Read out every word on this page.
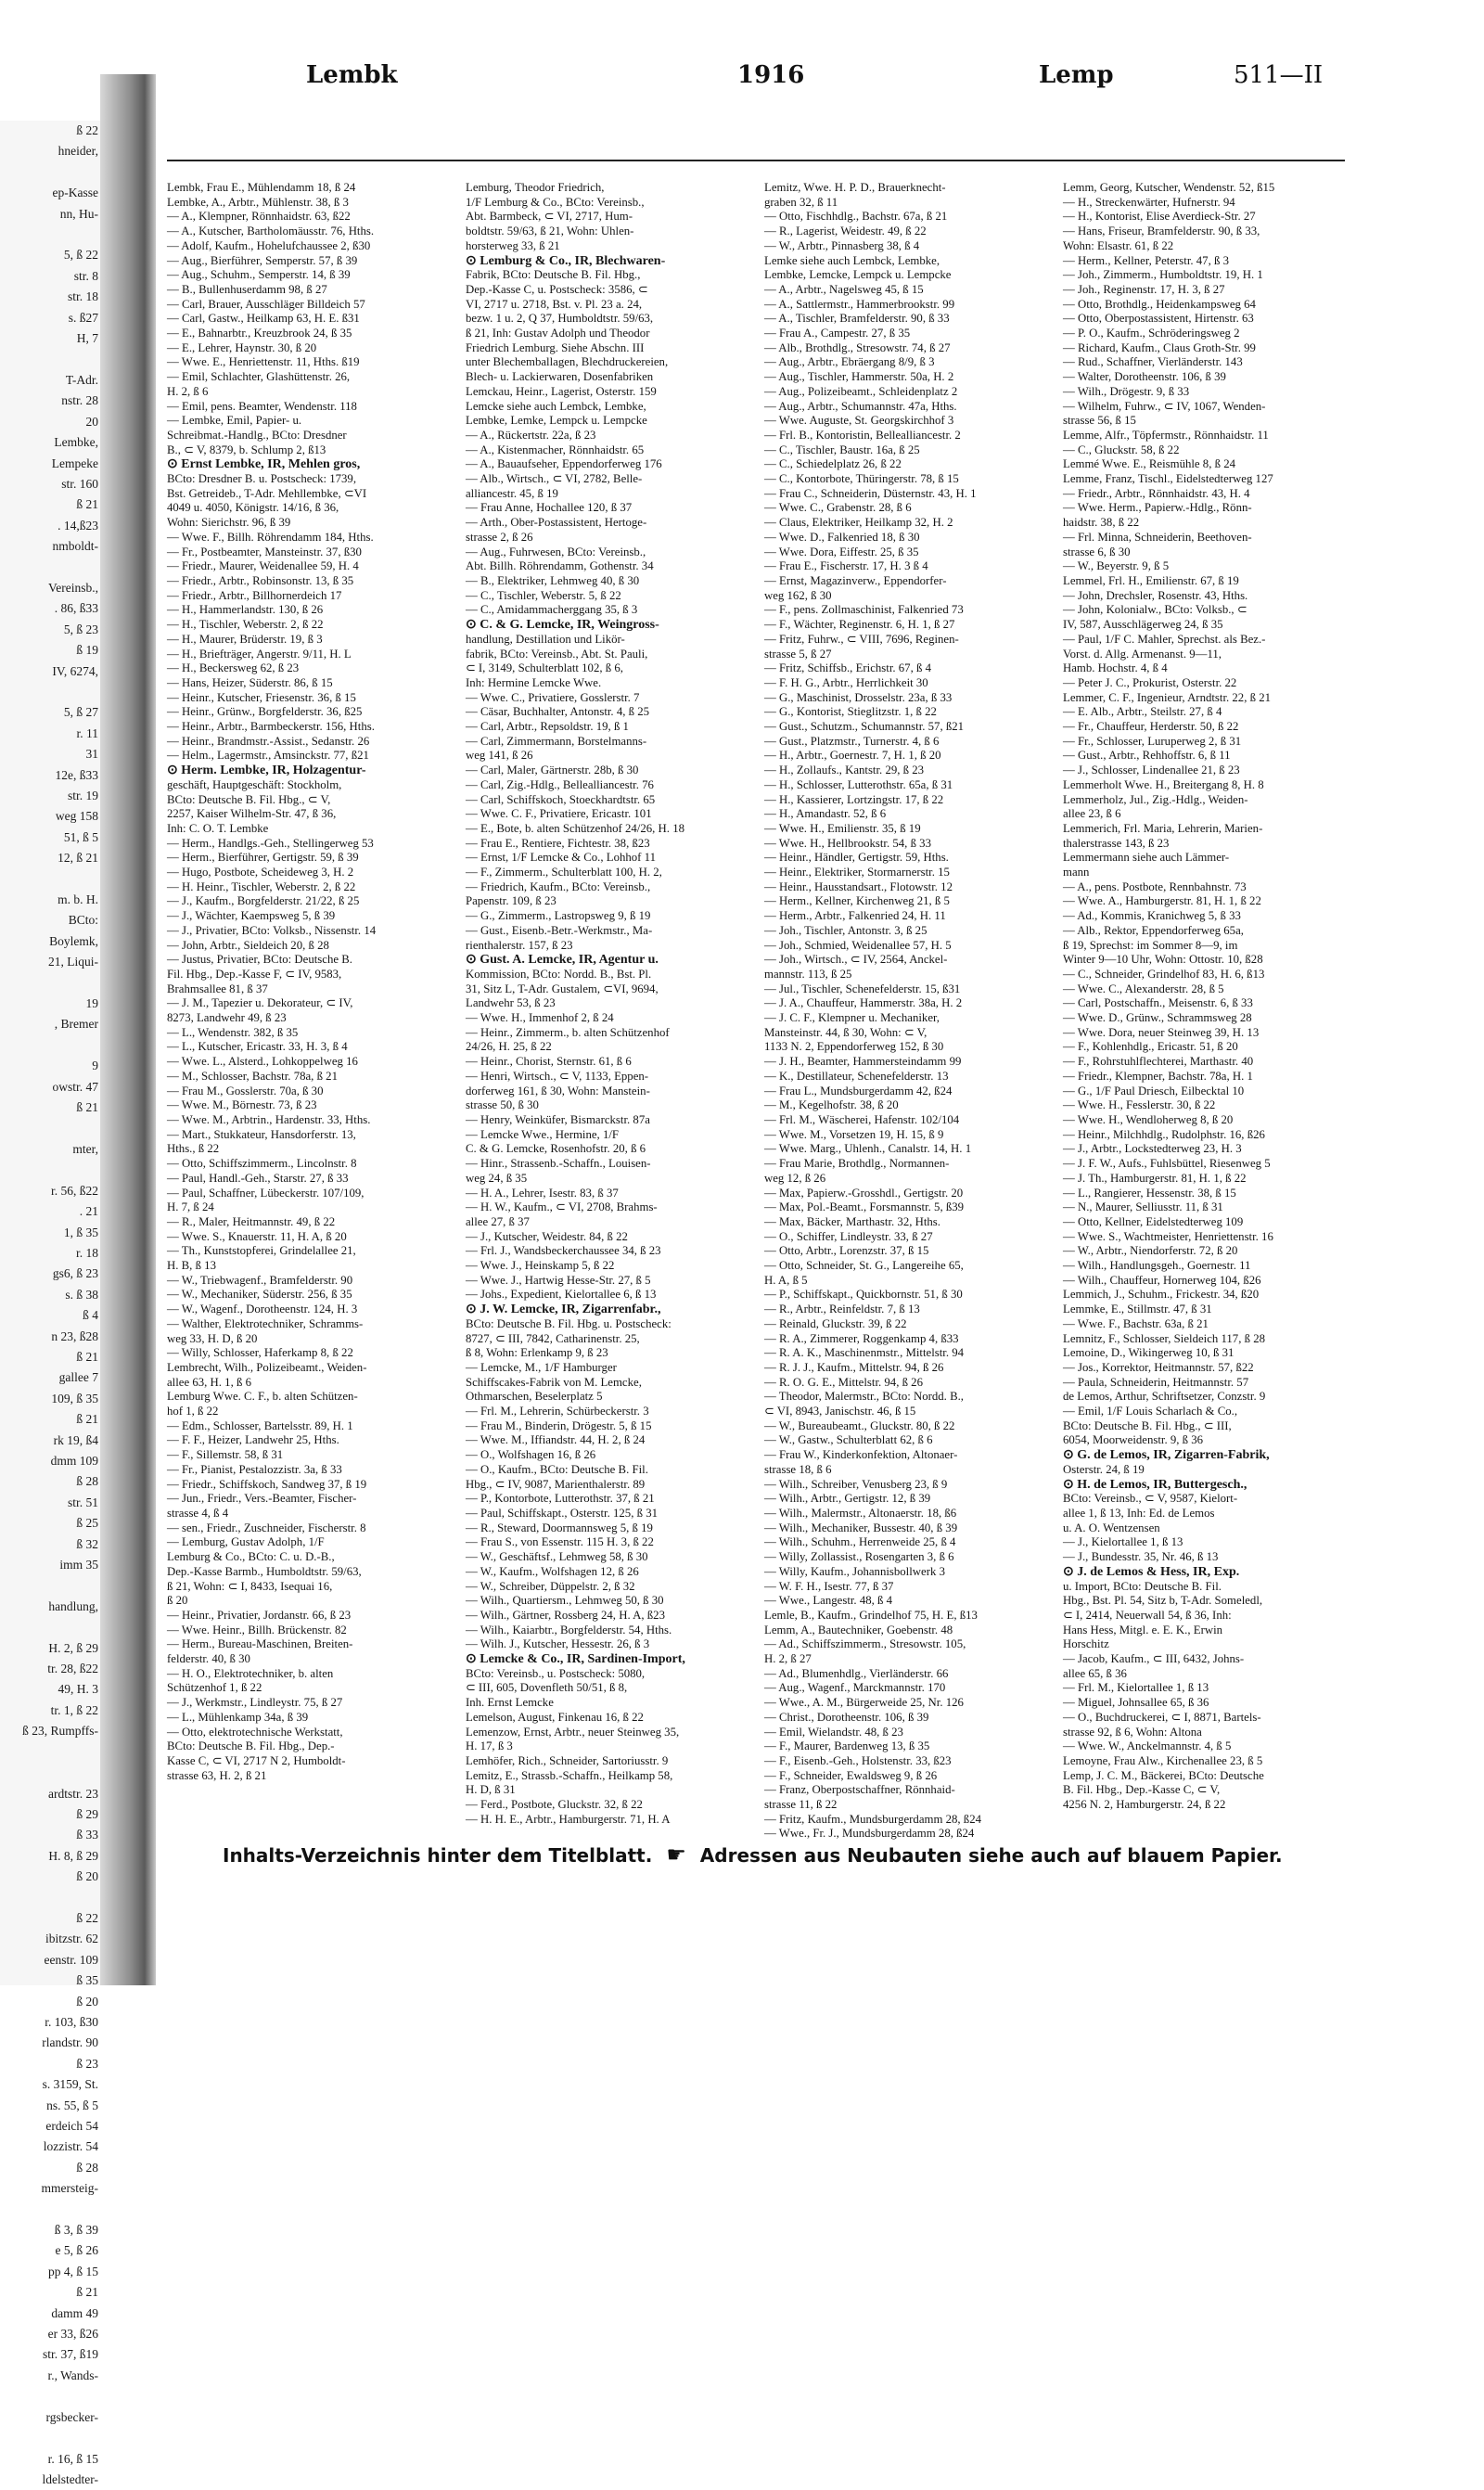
ß 22
hneider,

ep-Kasse
nn, Hu-

5, ß 22
str. 8
str. 18
s. ß27
H, 7

T-Adr.
nstr. 28
20
Lembke,
Lempeke
str. 160
ß 21
. 14,ß23
nmboldt-

Vereinsb.,
. 86, ß33
5, ß 23
ß 19
IV, 6274,

5, ß 27
r. 11
31
12e, ß33
str. 19
weg 158
51, ß 5
12, ß 21

m. b. H.
BCto:
Boylemk,
21, Liqui-

19
, Bremer

9
owstr. 47
ß 21

mter,

r. 56, ß22
. 21
1, ß 35
r. 18
gs6, ß 23
s. ß 38
ß 4
n 23, ß28
ß 21
gallee 7
109, ß 35
ß 21
rk 19, ß4
dmm 109
ß 28
str. 51
ß 25
ß 32
imm 35

handlung,

H. 2, ß 29
tr. 28, ß22
49, H. 3
tr. 1, ß 22
ß 23, Rumpffs-

ardtstr. 23
ß 29
ß 33
H. 8, ß 29
ß 20

ß 22
ibitzstr. 62
eenstr. 109
ß 35
ß 20
r. 103, ß30
rlandstr. 90
ß 23
s. 3159, St.
ns. 55, ß 5
erdeich 54
lozzistr. 54
ß 28
mmersteig-

ß 3, ß 39
e 5, ß 26
pp 4, ß 15
ß 21
damm 49
er 33, ß26
str. 37, ß19
r., Wands-

rgsbecker-

r. 16, ß 15
ldelstedter-
Lembk	1916	Lemp	511—II
Lembk, Frau E., Mühlendamm 18, ß 24
Lembke, A., Arbtr., Mühlenstr. 38, ß 3
— A., Klempner, Rönnhaidstr. 63, ß22
— A., Kutscher, Bartholomäusstr. 76, Hths.
— Adolf, Kaufm., Hohelufchaussee 2, ß30
— Aug., Bierführer, Semperstr. 57, ß 39
— Aug., Schuhm., Semperstr. 14, ß 39
— B., Bullenhuserdamm 98, ß 27
— Carl, Brauer, Ausschläger Billdeich 57
— Carl, Gastw., Heilkamp 63, H. E. ß31
— E., Bahnarbtr., Kreuzbrook 24, ß 35
— E., Lehrer, Haynstr. 30, ß 20
— Wwe. E., Henriettenstr. 11, Hths. ß19
— Emil, Schlachter, Glashüttenstr. 26,
H. 2, ß 6
— Emil, pens. Beamter, Wendenstr. 118
— Lembke, Emil, Papier- u.
Schreibmat.-Handlg., BCto: Dresdner
B., ⊂ V, 8379, b. Schlump 2, ß13
⊙ Ernst Lembke, IR, Mehlen gros,
BCto: Dresdner B. u. Postscheck: 1739,
Bst. Getreideb., T-Adr. Mehllembke, ⊂VI
4049 u. 4050, Königstr. 14/16, ß 36,
Wohn: Sierichstr. 96, ß 39
— Wwe. F., Billh. Röhrendamm 184, Hths.
— Fr., Postbeamter, Mansteinstr. 37, ß30
— Friedr., Maurer, Weidenallee 59, H. 4
— Friedr., Arbtr., Robinsonstr. 13, ß 35
— Friedr., Arbtr., Billhornerdeich 17
— H., Hammerlandstr. 130, ß 26
— H., Tischler, Weberstr. 2, ß 22
— H., Maurer, Brüderstr. 19, ß 3
— H., Briefträger, Angerstr. 9/11, H. L
— H., Beckersweg 62, ß 23
— Hans, Heizer, Süderstr. 86, ß 15
— Heinr., Kutscher, Friesenstr. 36, ß 15
— Heinr., Grünw., Borgfelderstr. 36, ß25
— Heinr., Arbtr., Barmbeckerstr. 156, Hths.
— Heinr., Brandmstr.-Assist., Sedanstr. 26
— Helm., Lagermstr., Amsinckstr. 77, ß21
⊙ Herm. Lembke, IR, Holzagentur-
geschäft, Hauptgeschäft: Stockholm,
BCto: Deutsche B. Fil. Hbg., ⊂ V,
2257, Kaiser Wilhelm-Str. 47, ß 36,
Inh: C. O. T. Lembke
— Herm., Handlgs.-Geh., Stellingerweg 53
— Herm., Bierführer, Gertigstr. 59, ß 39
— Hugo, Postbote, Scheideweg 3, H. 2
— H. Heinr., Tischler, Weberstr. 2, ß 22
— J., Kaufm., Borgfelderstr. 21/22, ß 25
— J., Wächter, Kaempsweg 5, ß 39
— J., Privatier, BCto: Volksb., Nissenstr. 14
— John, Arbtr., Sieldeich 20, ß 28
— Justus, Privatier, BCto: Deutsche B.
Fil. Hbg., Dep.-Kasse F, ⊂ IV, 9583,
Brahmsallee 81, ß 37
— J. M., Tapezier u. Dekorateur, ⊂ IV,
8273, Landwehr 49, ß 23
— L., Wendenstr. 382, ß 35
— L., Kutscher, Ericastr. 33, H. 3, ß 4
— Wwe. L., Alsterd., Lohkoppelweg 16
— M., Schlosser, Bachstr. 78a, ß 21
— Frau M., Gosslerstr. 70a, ß 30
— Wwe. M., Börnestr. 73, ß 23
— Wwe. M., Arbtrin., Hardenstr. 33, Hths.
— Mart., Stukkateur, Hansdorferstr. 13,
Hths., ß 22
— Otto, Schiffszimmerm., Lincolnstr. 8
— Paul, Handl.-Geh., Starstr. 27, ß 33
— Paul, Schaffner, Lübeckerstr. 107/109,
H. 7, ß 24
— R., Maler, Heitmannstr. 49, ß 22
— Wwe. S., Knauerstr. 11, H. A, ß 20
— Th., Kunststopferei, Grindelallee 21,
H. B, ß 13
— W., Triebwagenf., Bramfelderstr. 90
— W., Mechaniker, Süderstr. 256, ß 35
— W., Wagenf., Dorotheenstr. 124, H. 3
— Walther, Elektrotechniker, Schramms-
weg 33, H. D, ß 20
— Willy, Schlosser, Haferkamp 8, ß 22
Lembrecht, Wilh., Polizeibeamt., Weiden-
allee 63, H. 1, ß 6
Lemburg Wwe. C. F., b. alten Schützen-
hof 1, ß 22
— Edm., Schlosser, Bartelsstr. 89, H. 1
— F. F., Heizer, Landwehr 25, Hths.
— F., Sillemstr. 58, ß 31
— Fr., Pianist, Pestalozzistr. 3a, ß 33
— Friedr., Schiffskoch, Sandweg 37, ß 19
— Jun., Friedr., Vers.-Beamter, Fischer-
strasse 4, ß 4
— sen., Friedr., Zuschneider, Fischerstr. 8
— Lemburg, Gustav Adolph, 1/F
Lemburg & Co., BCto: C. u. D.-B.,
Dep.-Kasse Barmb., Humboldtstr. 59/63,
ß 21, Wohn: ⊂ I, 8433, Isequai 16,
ß 20
— Heinr., Privatier, Jordanstr. 66, ß 23
— Wwe. Heinr., Billh. Brückenstr. 82
— Herm., Bureau-Maschinen, Breiten-
felderstr. 40, ß 30
— H. O., Elektrotechniker, b. alten
Schützenhof 1, ß 22
— J., Werkmstr., Lindleystr. 75, ß 27
— L., Mühlenkamp 34a, ß 39
— Otto, elektrotechnische Werkstatt,
BCto: Deutsche B. Fil. Hbg., Dep.-
Kasse C, ⊂ VI, 2717 N 2, Humboldt-
strasse 63, H. 2, ß 21
Lemburg, Theodor Friedrich,
1/F Lemburg & Co., BCto: Vereinsb.,
Abt. Barmbeck, ⊂ VI, 2717, Hum-
boldtstr. 59/63, ß 21, Wohn: Uhlen-
horsterweg 33, ß 21
⊙ Lemburg & Co., IR, Blechwaren-
Fabrik, BCto: Deutsche B. Fil. Hbg.,
Dep.-Kasse C, u. Postscheck: 3586, ⊂
VI, 2717 u. 2718, Bst. v. Pl. 23 a. 24,
bezw. 1 u. 2, Q 37, Humboldtstr. 59/63,
ß 21, Inh: Gustav Adolph und Theodor
Friedrich Lemburg. Siehe Abschn. III
unter Blechemballagen, Blechdruckereien,
Blech- u. Lackierwaren, Dosenfabriken
Lemckau, Heinr., Lagerist, Osterstr. 159
Lemcke siehe auch Lembck, Lembke,
Lembke, Lemke, Lempck u. Lempcke
— A., Rückertstr. 22a, ß 23
— A., Kistenmacher, Rönnhaidstr. 65
— A., Bauaufseher, Eppendorferweg 176
— Alb., Wirtsch., ⊂ VI, 2782, Belle-
alliancestr. 45, ß 19
— Frau Anne, Hochallee 120, ß 37
— Arth., Ober-Postassistent, Hertoge-
strasse 2, ß 26
— Aug., Fuhrwesen, BCto: Vereinsb.,
Abt. Billh. Röhrendamm, Gothenstr. 34
— B., Elektriker, Lehmweg 40, ß 30
— C., Tischler, Weberstr. 5, ß 22
— C., Amidammacherggang 35, ß 3
⊙ C. & G. Lemcke, IR, Weingross-
handlung, Destillation und Likör-
fabrik, BCto: Vereinsb., Abt. St. Pauli,
⊂ I, 3149, Schulterblatt 102, ß 6,
Inh: Hermine Lemcke Wwe.
— Wwe. C., Privatiere, Gosslerstr. 7
— Cäsar, Buchhalter, Antonstr. 4, ß 25
— Carl, Arbtr., Repsoldstr. 19, ß 1
— Carl, Zimmermann, Borstelmanns-
weg 141, ß 26
— Carl, Maler, Gärtnerstr. 28b, ß 30
— Carl, Zig.-Hdlg., Bellealliancestr. 76
— Carl, Schiffskoch, Stoeckhardtstr. 65
— Wwe. C. F., Privatiere, Ericastr. 101
— E., Bote, b. alten Schützenhof 24/26, H. 18
— Frau E., Rentiere, Fichtestr. 38, ß23
— Ernst, 1/F Lemcke & Co., Lohhof 11
— F., Zimmerm., Schulterblatt 100, H. 2,
— Friedrich, Kaufm., BCto: Vereinsb.,
Papenstr. 109, ß 23
— G., Zimmerm., Lastropsweg 9, ß 19
— Gust., Eisenb.-Betr.-Werkmstr., Ma-
rienthalerstr. 157, ß 23
⊙ Gust. A. Lemcke, IR, Agentur u.
Kommission, BCto: Nordd. B., Bst. Pl.
31, Sitz L, T-Adr. Gustalem, ⊂VI, 9694,
Landwehr 53, ß 23
— Wwe. H., Immenhof 2, ß 24
— Heinr., Zimmerm., b. alten Schützenhof
24/26, H. 25, ß 22
— Heinr., Chorist, Sternstr. 61, ß 6
— Henri, Wirtsch., ⊂ V, 1133, Eppen-
dorferweg 161, ß 30, Wohn: Manstein-
strasse 50, ß 30
— Henry, Weinküfer, Bismarckstr. 87a
— Lemcke Wwe., Hermine, 1/F
C. & G. Lemcke, Rosenhofstr. 20, ß 6
— Hinr., Strassenb.-Schaffn., Louisen-
weg 24, ß 35
— H. A., Lehrer, Isestr. 83, ß 37
— H. W., Kaufm., ⊂ VI, 2708, Brahms-
allee 27, ß 37
— J., Kutscher, Weidestr. 84, ß 22
— Frl. J., Wandsbeckerchaussee 34, ß 23
— Wwe. J., Heinskamp 5, ß 22
— Wwe. J., Hartwig Hesse-Str. 27, ß 5
— Johs., Expedient, Kielortallee 6, ß 13
⊙ J. W. Lemcke, IR, Zigarrenfabr.,
BCto: Deutsche B. Fil. Hbg. u. Postscheck:
8727, ⊂ III, 7842, Catharinenstr. 25,
ß 8, Wohn: Erlenkamp 9, ß 23
— Lemcke, M., 1/F Hamburger
Schiffscakes-Fabrik von M. Lemcke,
Othmarschen, Beselerplatz 5
— Frl. M., Lehrerin, Schürbeckerstr. 3
— Frau M., Binderin, Drögestr. 5, ß 15
— Wwe. M., Iffiandstr. 44, H. 2, ß 24
— O., Wolfshagen 16, ß 26
— O., Kaufm., BCto: Deutsche B. Fil.
Hbg., ⊂ IV, 9087, Marienthalerstr. 89
— P., Kontorbote, Lutterothstr. 37, ß 21
— Paul, Schiffskapt., Osterstr. 125, ß 31
— R., Steward, Doormannsweg 5, ß 19
— Frau S., von Essenstr. 115 H. 3, ß 22
— W., Geschäftsf., Lehmweg 58, ß 30
— W., Kaufm., Wolfshagen 12, ß 26
— W., Schreiber, Düppelstr. 2, ß 32
— Wilh., Quartiersm., Lehmweg 50, ß 30
— Wilh., Gärtner, Rossberg 24, H. A, ß23
— Wilh., Kaiarbtr., Borgfelderstr. 54, Hths.
— Wilh. J., Kutscher, Hessestr. 26, ß 3
⊙ Lemcke & Co., IR, Sardinen-Import,
BCto: Vereinsb., u. Postscheck: 5080,
⊂ III, 605, Dovenfleth 50/51, ß 8,
Inh. Ernst Lemcke
Lemelson, August, Finkenau 16, ß 22
Lemenzow, Ernst, Arbtr., neuer Steinweg 35,
H. 17, ß 3
Lemhöfer, Rich., Schneider, Sartoriusstr. 9
Lemitz, E., Strassb.-Schaffn., Heilkamp 58,
H. D, ß 31
— Ferd., Postbote, Gluckstr. 32, ß 22
— H. H. E., Arbtr., Hamburgerstr. 71, H. A
Lemitz, Wwe. H. P. D., Brauerknecht-
graben 32, ß 11
— Otto, Fischhdlg., Bachstr. 67a, ß 21
— R., Lagerist, Weidestr. 49, ß 22
— W., Arbtr., Pinnasberg 38, ß 4
Lemke siehe auch Lembck, Lembke,
Lembke, Lemcke, Lempck u. Lempcke
— A., Arbtr., Nagelsweg 45, ß 15
— A., Sattlermstr., Hammerbrookstr. 99
— A., Tischler, Bramfelderstr. 90, ß 33
— Frau A., Campestr. 27, ß 35
— Alb., Brothdlg., Stresowstr. 74, ß 27
— Aug., Arbtr., Ebräergang 8/9, ß 3
— Aug., Tischler, Hammerstr. 50a, H. 2
— Aug., Polizeibeamt., Schleidenplatz 2
— Aug., Arbtr., Schumannstr. 47a, Hths.
— Wwe. Auguste, St. Georgskirchhof 3
— Frl. B., Kontoristin, Bellealliancestr. 2
— C., Tischler, Baustr. 16a, ß 25
— C., Schiedelplatz 26, ß 22
— C., Kontorbote, Thüringerstr. 78, ß 15
— Frau C., Schneiderin, Düsternstr. 43, H. 1
— Wwe. C., Grabenstr. 28, ß 6
— Claus, Elektriker, Heilkamp 32, H. 2
— Wwe. D., Falkenried 18, ß 30
— Wwe. Dora, Eiffestr. 25, ß 35
— Frau E., Fischerstr. 17, H. 3 ß 4
— Ernst, Magazinverw., Eppendorfer-
weg 162, ß 30
— F., pens. Zollmaschinist, Falkenried 73
— F., Wächter, Reginenstr. 6, H. 1, ß 27
— Fritz, Fuhrw., ⊂ VIII, 7696, Reginen-
strasse 5, ß 27
— Fritz, Schiffsb., Erichstr. 67, ß 4
— F. H. G., Arbtr., Herrlichkeit 30
— G., Maschinist, Drosselstr. 23a, ß 33
— G., Kontorist, Stieglitzstr. 1, ß 22
— Gust., Schutzm., Schumannstr. 57, ß21
— Gust., Platzmstr., Turnerstr. 4, ß 6
— H., Arbtr., Goernestr. 7, H. 1, ß 20
— H., Zollaufs., Kantstr. 29, ß 23
— H., Schlosser, Lutterothstr. 65a, ß 31
— H., Kassierer, Lortzingstr. 17, ß 22
— H., Amandastr. 52, ß 6
— Wwe. H., Emilienstr. 35, ß 19
— Wwe. H., Hellbrookstr. 54, ß 33
— Heinr., Händler, Gertigstr. 59, Hths.
— Heinr., Elektriker, Stormarnerstr. 15
— Heinr., Hausstandsart., Flotowstr. 12
— Herm., Kellner, Kirchenweg 21, ß 5
— Herm., Arbtr., Falkenried 24, H. 11
— Joh., Tischler, Antonstr. 3, ß 25
— Joh., Schmied, Weidenallee 57, H. 5
— Joh., Wirtsch., ⊂ IV, 2564, Anckel-
mannstr. 113, ß 25
— Jul., Tischler, Schenefelderstr. 15, ß31
— J. A., Chauffeur, Hammerstr. 38a, H. 2
— J. C. F., Klempner u. Mechaniker,
Mansteinstr. 44, ß 30, Wohn: ⊂ V,
1133 N. 2, Eppendorferweg 152, ß 30
— J. H., Beamter, Hammersteindamm 99
— K., Destillateur, Schenefelderstr. 13
— Frau L., Mundsburgerdamm 42, ß24
— M., Kegelhofstr. 38, ß 20
— Frl. M., Wäscherei, Hafenstr. 102/104
— Wwe. M., Vorsetzen 19, H. 15, ß 9
— Wwe. Marg., Uhlenh., Canalstr. 14, H. 1
— Frau Marie, Brothdlg., Normannen-
weg 12, ß 26
— Max, Papierw.-Grosshdl., Gertigstr. 20
— Max, Pol.-Beamt., Forsmannstr. 5, ß39
— Max, Bäcker, Marthastr. 32, Hths.
— O., Schiffer, Lindleystr. 33, ß 27
— Otto, Arbtr., Lorenzstr. 37, ß 15
— Otto, Schneider, St. G., Langereihe 65,
H. A, ß 5
— P., Schiffskapt., Quickbornstr. 51, ß 30
— R., Arbtr., Reinfeldstr. 7, ß 13
— Reinald, Gluckstr. 39, ß 22
— R. A., Zimmerer, Roggenkamp 4, ß33
— R. A. K., Maschinenmstr., Mittelstr. 94
— R. J. J., Kaufm., Mittelstr. 94, ß 26
— R. O. G. E., Mittelstr. 94, ß 26
— Theodor, Malermstr., BCto: Nordd. B.,
⊂ VI, 8943, Janischstr. 46, ß 15
— W., Bureaubeamt., Gluckstr. 80, ß 22
— W., Gastw., Schulterblatt 62, ß 6
— Frau W., Kinderkonfektion, Altonaer-
strasse 18, ß 6
— Wilh., Schreiber, Venusberg 23, ß 9
— Wilh., Arbtr., Gertigstr. 12, ß 39
— Wilh., Malermstr., Altonaerstr. 18, ß6
— Wilh., Mechaniker, Bussestr. 40, ß 39
— Wilh., Schuhm., Herrenweide 25, ß 4
— Willy, Zollassist., Rosengarten 3, ß 6
— Willy, Kaufm., Johannisbollwerk 3
— W. F. H., Isestr. 77, ß 37
— Wwe., Langestr. 48, ß 4
Lemle, B., Kaufm., Grindelhof 75, H. E, ß13
Lemm, A., Bautechniker, Goebenstr. 48
— Ad., Schiffszimmerm., Stresowstr. 105,
H. 2, ß 27
— Ad., Blumenhdlg., Vierländerstr. 66
— Aug., Wagenf., Marckmannstr. 170
— Wwe., A. M., Bürgerweide 25, Nr. 126
— Christ., Dorotheenstr. 106, ß 39
— Emil, Wielandstr. 48, ß 23
— F., Maurer, Bardenweg 13, ß 35
— F., Eisenb.-Geh., Holstenstr. 33, ß23
— F., Schneider, Ewaldsweg 9, ß 26
— Franz, Oberpostschaffner, Rönnhaid-
strasse 11, ß 22
— Fritz, Kaufm., Mundsburgerdamm 28, ß24
— Wwe., Fr. J., Mundsburgerdamm 28, ß24
Lemm, Georg, Kutscher, Wendenstr. 52, ß15
— H., Streckenwärter, Hufnerstr. 94
— H., Kontorist, Elise Averdieck-Str. 27
— Hans, Friseur, Bramfelderstr. 90, ß 33,
Wohn: Elsastr. 61, ß 22
— Herm., Kellner, Peterstr. 47, ß 3
— Joh., Zimmerm., Humboldtstr. 19, H. 1
— Joh., Reginenstr. 17, H. 3, ß 27
— Otto, Brothdlg., Heidenkampsweg 64
— Otto, Oberpostassistent, Hirtenstr. 63
— P. O., Kaufm., Schröderingsweg 2
— Richard, Kaufm., Claus Groth-Str. 99
— Rud., Schaffner, Vierländerstr. 143
— Walter, Dorotheenstr. 106, ß 39
— Wilh., Drögestr. 9, ß 33
— Wilhelm, Fuhrw., ⊂ IV, 1067, Wenden-
strasse 56, ß 15
Lemme, Alfr., Töpfermstr., Rönnhaidstr. 11
— C., Gluckstr. 58, ß 22
Lemmé Wwe. E., Reismühle 8, ß 24
Lemme, Franz, Tischl., Eidelstedterweg 127
— Friedr., Arbtr., Rönnhaidstr. 43, H. 4
— Wwe. Herm., Papierw.-Hdlg., Rönn-
haidstr. 38, ß 22
— Frl. Minna, Schneiderin, Beethoven-
strasse 6, ß 30
— W., Beyerstr. 9, ß 5
Lemmel, Frl. H., Emilienstr. 67, ß 19
— John, Drechsler, Rosenstr. 43, Hths.
— John, Kolonialw., BCto: Volksb., ⊂
IV, 587, Ausschlägerweg 24, ß 35
— Paul, 1/F C. Mahler, Sprechst. als Bez.-
Vorst. d. Allg. Armenanst. 9—11,
Hamb. Hochstr. 4, ß 4
— Peter J. C., Prokurist, Osterstr. 22
Lemmer, C. F., Ingenieur, Arndtstr. 22, ß 21
— E. Alb., Arbtr., Steilstr. 27, ß 4
— Fr., Chauffeur, Herderstr. 50, ß 22
— Fr., Schlosser, Luruperweg 2, ß 31
— Gust., Arbtr., Rehhoffstr. 6, ß 11
— J., Schlosser, Lindenallee 21, ß 23
Lemmerholt Wwe. H., Breitergang 8, H. 8
Lemmerholz, Jul., Zig.-Hdlg., Weiden-
allee 23, ß 6
Lemmerich, Frl. Maria, Lehrerin, Marien-
thalerstrasse 143, ß 23
Lemmermann siehe auch Lämmer-
mann
— A., pens. Postbote, Rennbahnstr. 73
— Wwe. A., Hamburgerstr. 81, H. 1, ß 22
— Ad., Kommis, Kranichweg 5, ß 33
— Alb., Rektor, Eppendorferweg 65a,
ß 19, Sprechst: im Sommer 8—9, im
Winter 9—10 Uhr, Wohn: Ottostr. 10, ß28
— C., Schneider, Grindelhof 83, H. 6, ß13
— Wwe. C., Alexanderstr. 28, ß 5
— Carl, Postschaffn., Meisenstr. 6, ß 33
— Wwe. D., Grünw., Schrammsweg 28
— Wwe. Dora, neuer Steinweg 39, H. 13
— F., Kohlenhdlg., Ericastr. 51, ß 20
— F., Rohrstuhlflechterei, Marthastr. 40
— Friedr., Klempner, Bachstr. 78a, H. 1
— G., 1/F Paul Driesch, Eilbecktal 10
— Wwe. H., Fesslerstr. 30, ß 22
— Wwe. H., Wendloherweg 8, ß 20
— Heinr., Milchhdlg., Rudolphstr. 16, ß26
— J., Arbtr., Lockstedterweg 23, H. 3
— J. F. W., Aufs., Fuhlsbüttel, Riesenweg 5
— J. Th., Hamburgerstr. 81, H. 1, ß 22
— L., Rangierer, Hessenstr. 38, ß 15
— N., Maurer, Selliusstr. 11, ß 31
— Otto, Kellner, Eidelstedterweg 109
— Wwe. S., Wachtmeister, Henriettenstr. 16
— W., Arbtr., Niendorferstr. 72, ß 20
— Wilh., Handlungsgeh., Goernestr. 11
— Wilh., Chauffeur, Hornerweg 104, ß26
Lemmich, J., Schuhm., Frickestr. 34, ß20
Lemmke, E., Stillmstr. 47, ß 31
— Wwe. F., Bachstr. 63a, ß 21
Lemnitz, F., Schlosser, Sieldeich 117, ß 28
Lemoine, D., Wikingerweg 10, ß 31
— Jos., Korrektor, Heitmannstr. 57, ß22
— Paula, Schneiderin, Heitmannstr. 57
de Lemos, Arthur, Schriftsetzer, Conzstr. 9
— Emil, 1/F Louis Scharlach & Co.,
BCto: Deutsche B. Fil. Hbg., ⊂ III,
6054, Moorweidenstr. 9, ß 36
⊙ G. de Lemos, IR, Zigarren-Fabrik,
Osterstr. 24, ß 19
⊙ H. de Lemos, IR, Buttergesch.,
BCto: Vereinsb., ⊂ V, 9587, Kielort-
allee 1, ß 13, Inh: Ed. de Lemos
u. A. O. Wentzensen
— J., Kielortallee 1, ß 13
— J., Bundesstr. 35, Nr. 46, ß 13
⊙ J. de Lemos & Hess, IR, Exp.
u. Import, BCto: Deutsche B. Fil.
Hbg., Bst. Pl. 54, Sitz b, T-Adr. Someledl,
⊂ I, 2414, Neuerwall 54, ß 36, Inh:
Hans Hess, Mitgl. e. E. K., Erwin
Horschitz
— Jacob, Kaufm., ⊂ III, 6432, Johns-
allee 65, ß 36
— Frl. M., Kielortallee 1, ß 13
— Miguel, Johnsallee 65, ß 36
— O., Buchdruckerei, ⊂ I, 8871, Bartels-
strasse 92, ß 6, Wohn: Altona
— Wwe. W., Anckelmannstr. 4, ß 5
Lemoyne, Frau Alw., Kirchenallee 23, ß 5
Lemp, J. C. M., Bäckerei, BCto: Deutsche
B. Fil. Hbg., Dep.-Kasse C, ⊂ V,
4256 N. 2, Hamburgerstr. 24, ß 22
Inhalts-Verzeichnis hinter dem Titelblatt. ☛ Adressen aus Neubauten siehe auch auf blauem Papier.
